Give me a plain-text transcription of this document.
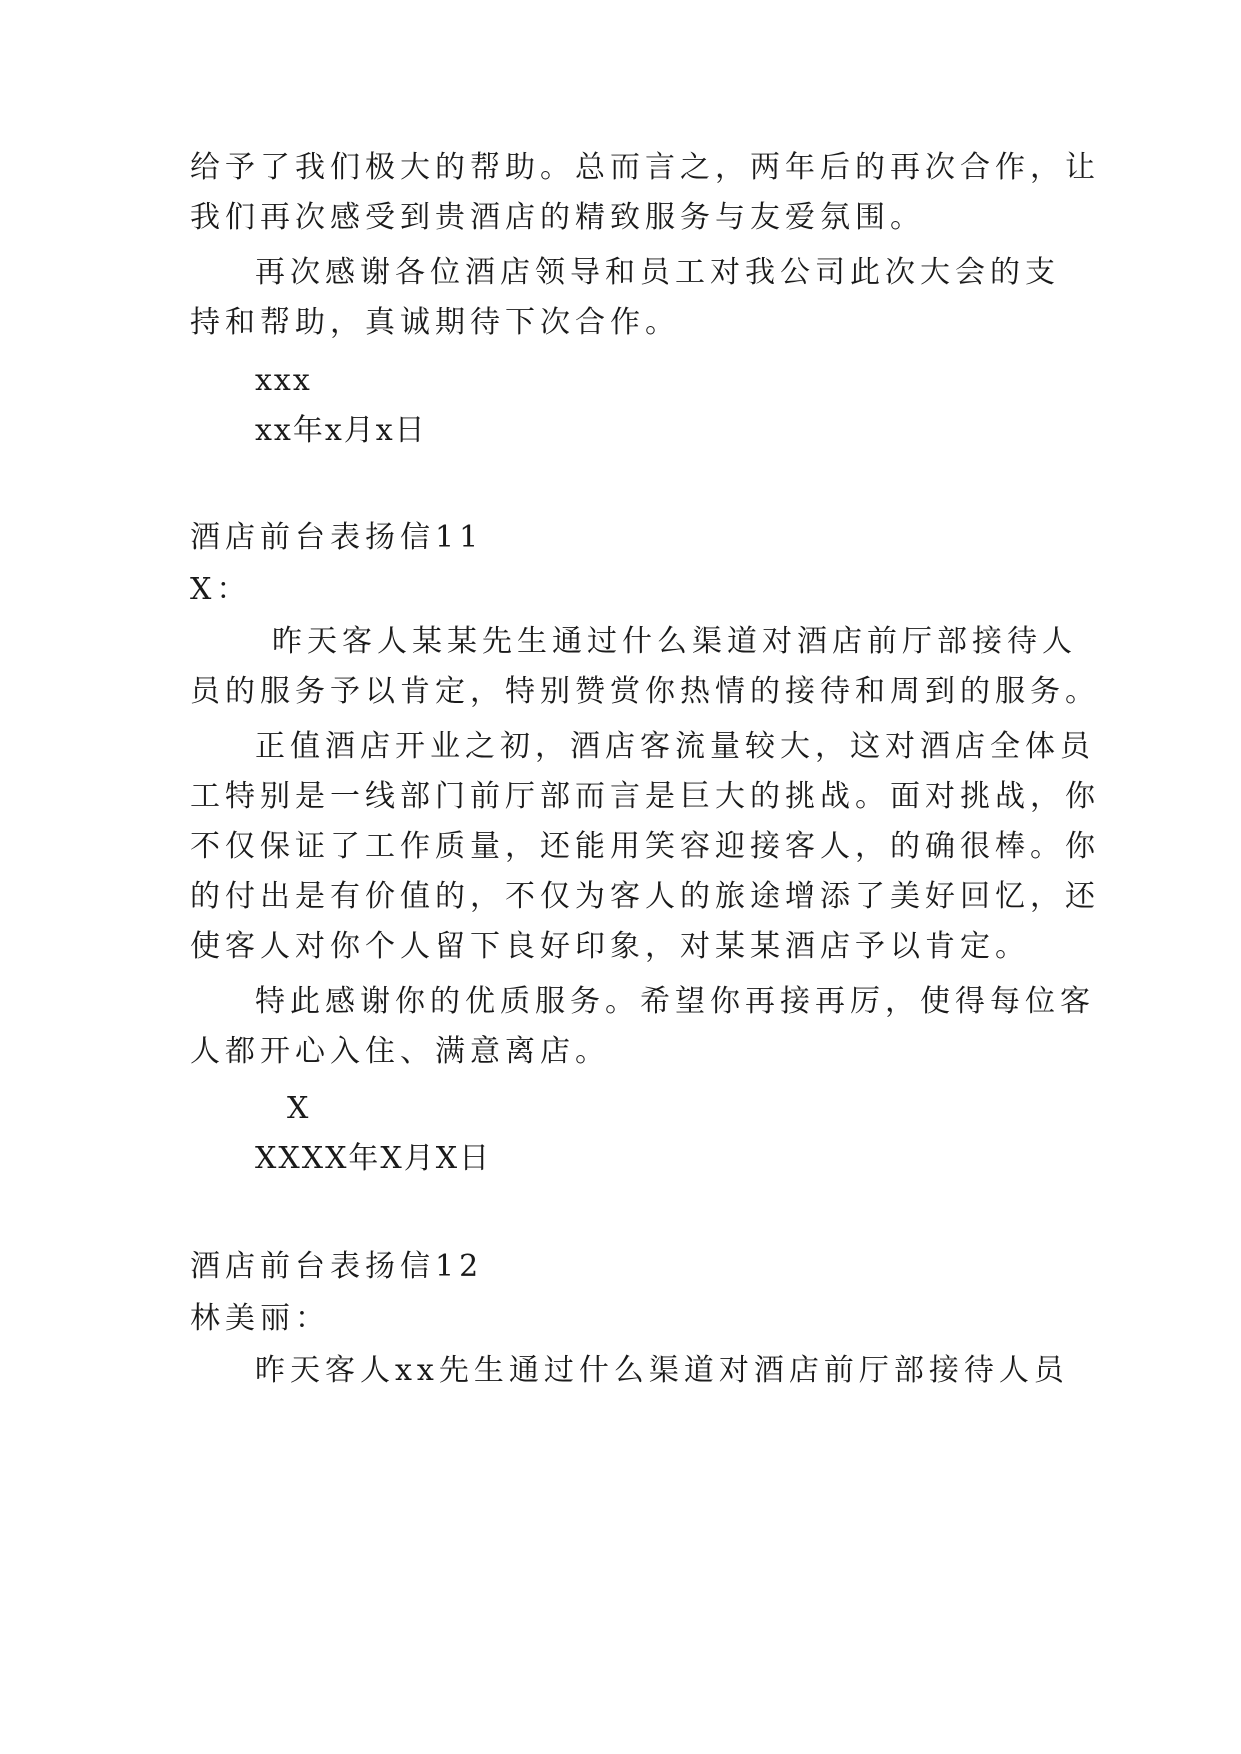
给予了我们极大的帮助。总而言之，两年后的再次合作，让
我们再次感受到贵酒店的精致服务与友爱氛围。
再次感谢各位酒店领导和员工对我公司此次大会的支
持和帮助，真诚期待下次合作。
xxx
xx年x月x日
酒店前台表扬信11
X：
昨天客人某某先生通过什么渠道对酒店前厅部接待人
员的服务予以肯定，特别赞赏你热情的接待和周到的服务。
正值酒店开业之初，酒店客流量较大，这对酒店全体员
工特别是一线部门前厅部而言是巨大的挑战。面对挑战，你
不仅保证了工作质量，还能用笑容迎接客人，的确很棒。你
的付出是有价值的，不仅为客人的旅途增添了美好回忆，还
使客人对你个人留下良好印象，对某某酒店予以肯定。
特此感谢你的优质服务。希望你再接再厉，使得每位客
人都开心入住、满意离店。
X
XXXX年X月X日
酒店前台表扬信12
林美丽：
昨天客人xx先生通过什么渠道对酒店前厅部接待人员
